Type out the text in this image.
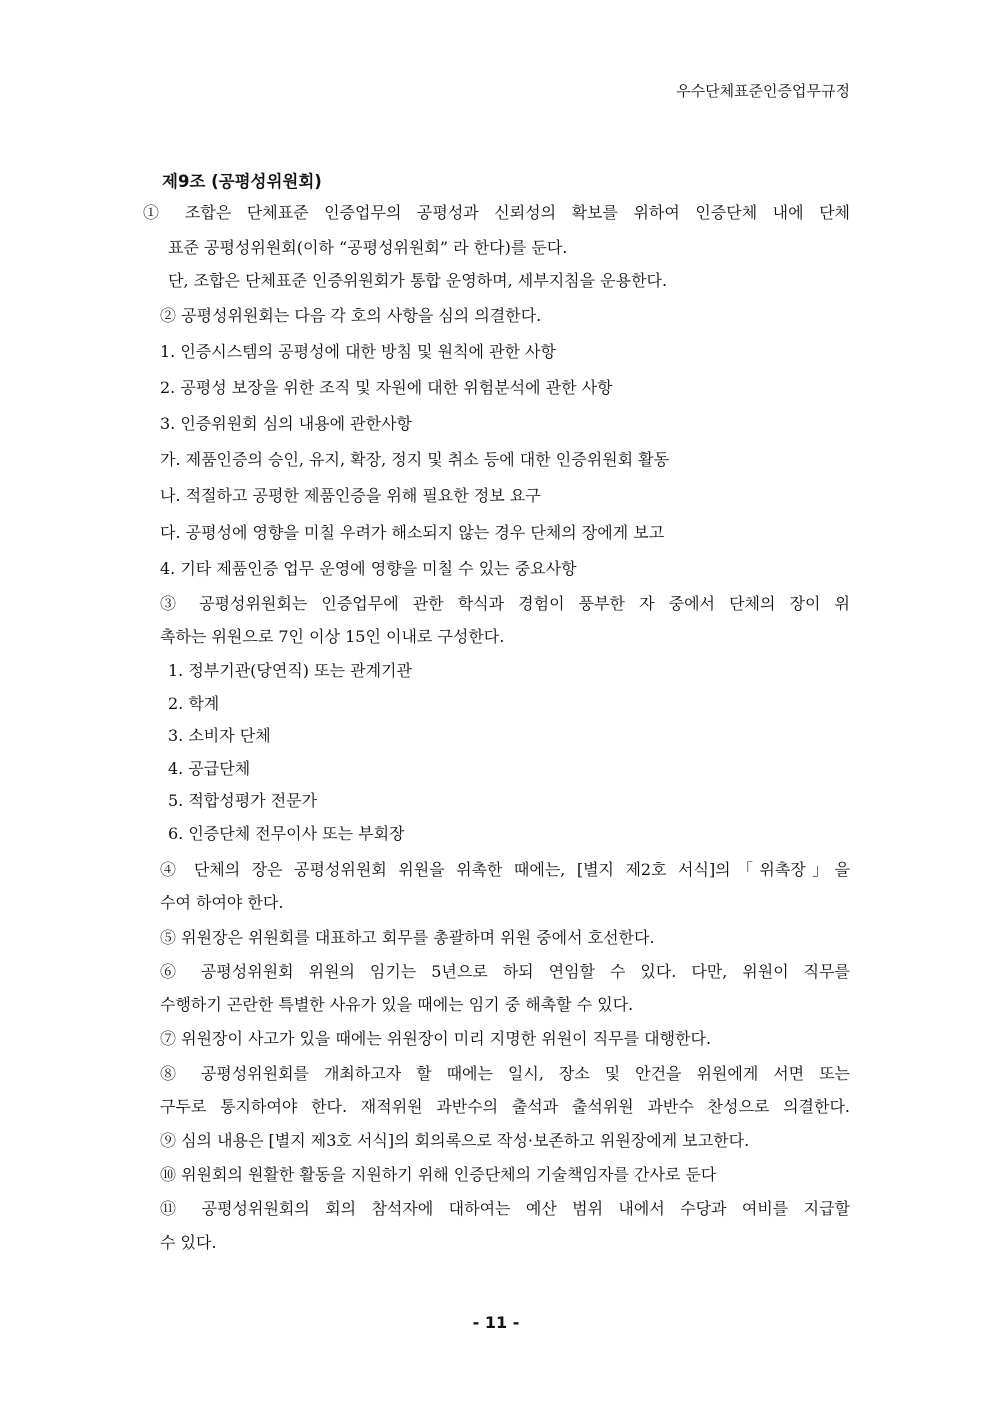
우수단체표준인증업무규정
제9조 (공평성위원회)
① 조합은 단체표준 인증업무의 공평성과 신뢰성의 확보를 위하여 인증단체 내에 단체
표준 공평성위원회(이하 “공평성위원회” 라 한다)를 둔다.
단, 조합은 단체표준 인증위원회가 통합 운영하며, 세부지침을 운용한다.
② 공평성위원회는 다음 각 호의 사항을 심의 의결한다.
1. 인증시스템의 공평성에 대한 방침 및 원칙에 관한 사항
2. 공평성 보장을 위한 조직 및 자원에 대한 위험분석에 관한 사항
3. 인증위원회 심의 내용에 관한사항
가. 제품인증의 승인, 유지, 확장, 정지 및 취소 등에 대한 인증위원회 활동
나. 적절하고 공평한 제품인증을 위해 필요한 정보 요구
다. 공평성에 영향을 미칠 우려가 해소되지 않는 경우 단체의 장에게 보고
4. 기타 제품인증 업무 운영에 영향을 미칠 수 있는 중요사항
③ 공평성위원회는 인증업무에 관한 학식과 경험이 풍부한 자 중에서 단체의 장이 위
촉하는 위원으로 7인 이상 15인 이내로 구성한다.
1. 정부기관(당연직) 또는 관계기관
2. 학계
3. 소비자 단체
4. 공급단체
5. 적합성평가 전문가
6. 인증단체 전무이사 또는 부회장
④ 단체의 장은 공평성위원회 위원을 위촉한 때에는, [별지 제2호 서식]의「위촉장」을
수여 하여야 한다.
⑤ 위원장은 위원회를 대표하고 회무를 총괄하며 위원 중에서 호선한다.
⑥ 공평성위원회 위원의 임기는 5년으로 하되 연임할 수 있다. 다만, 위원이 직무를
수행하기 곤란한 특별한 사유가 있을 때에는 임기 중 해촉할 수 있다.
⑦ 위원장이 사고가 있을 때에는 위원장이 미리 지명한 위원이 직무를 대행한다.
⑧ 공평성위원회를 개최하고자 할 때에는 일시, 장소 및 안건을 위원에게 서면 또는
구두로 통지하여야 한다. 재적위원 과반수의 출석과 출석위원 과반수 찬성으로 의결한다.
⑨ 심의 내용은 [별지 제3호 서식]의 회의록으로 작성·보존하고 위원장에게 보고한다.
⑩ 위원회의 원활한 활동을 지원하기 위해 인증단체의 기술책임자를 간사로 둔다
⑪ 공평성위원회의 회의 참석자에 대하여는 예산 범위 내에서 수당과 여비를 지급할
수 있다.
- 11 -
